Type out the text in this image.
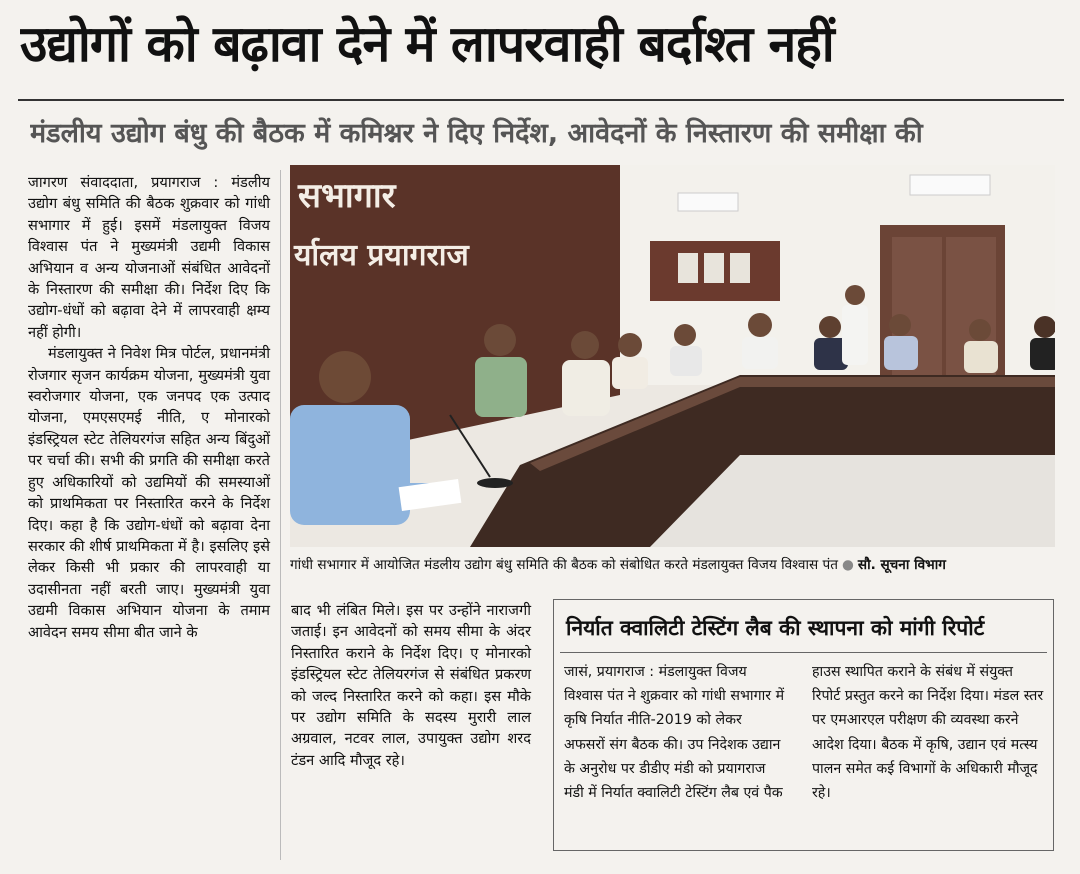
उद्योगों को बढ़ावा देने में लापरवाही बर्दाश्त नहीं
मंडलीय उद्योग बंधु की बैठक में कमिश्नर ने दिए निर्देश, आवेदनों के निस्तारण की समीक्षा की

जागरण संवाददाता, प्रयागराज : मंडलीय उद्योग बंधु समिति की बैठक शुक्रवार को गांधी सभागार में हुई। इसमें मंडलायुक्त विजय विश्वास पंत ने मुख्यमंत्री उद्यमी विकास अभियान व अन्य योजनाओं संबंधित आवेदनों के निस्तारण की समीक्षा की। निर्देश दिए कि उद्योग-धंधों को बढ़ावा देने में लापरवाही क्षम्य नहीं होगी।

मंडलायुक्त ने निवेश मित्र पोर्टल, प्रधानमंत्री रोजगार सृजन कार्यक्रम योजना, मुख्यमंत्री युवा स्वरोजगार योजना, एक जनपद एक उत्पाद योजना, एमएसएमई नीति, ए मोनारको इंडस्ट्रियल स्टेट तेलियरगंज सहित अन्य बिंदुओं पर चर्चा की। सभी की प्रगति की समीक्षा करते हुए अधिकारियों को उद्यमियों की समस्याओं को प्राथमिकता पर निस्तारित करने के निर्देश दिए। कहा है कि उद्योग-धंधों को बढ़ावा देना सरकार की शीर्ष प्राथमिकता में है। इसलिए इसे लेकर किसी भी प्रकार की लापरवाही या उदासीनता नहीं बरती जाए। मुख्यमंत्री युवा उद्यमी विकास अभियान योजना के तमाम आवेदन समय सीमा बीत जाने के

सभागार
र्यालय प्रयागराज
गांधी सभागार में आयोजित मंडलीय उद्योग बंधु समिति की बैठक को संबोधित करते मंडलायुक्त विजय विश्वास पंत ● सौ. सूचना विभाग

बाद भी लंबित मिले। इस पर उन्होंने नाराजगी जताई। इन आवेदनों को समय सीमा के अंदर निस्तारित कराने के निर्देश दिए। ए मोनारको इंडस्ट्रियल स्टेट तेलियरगंज से संबंधित प्रकरण को जल्द निस्तारित करने को कहा। इस मौके पर उद्योग समिति के सदस्य मुरारी लाल अग्रवाल, नटवर लाल, उपायुक्त उद्योग शरद टंडन आदि मौजूद रहे।

निर्यात क्वालिटी टेस्टिंग लैब की स्थापना को मांगी रिपोर्ट

जासं, प्रयागराज : मंडलायुक्त विजय विश्वास पंत ने शुक्रवार को गांधी सभागार में कृषि निर्यात नीति-2019 को लेकर अफसरों संग बैठक की। उप निदेशक उद्यान के अनुरोध पर डीडीए मंडी को प्रयागराज मंडी में निर्यात क्वालिटी टेस्टिंग लैब एवं पैक

हाउस स्थापित कराने के संबंध में संयुक्त रिपोर्ट प्रस्तुत करने का निर्देश दिया। मंडल स्तर पर एमआरएल परीक्षण की व्यवस्था करने आदेश दिया। बैठक में कृषि, उद्यान एवं मत्स्य पालन समेत कई विभागों के अधिकारी मौजूद रहे।
